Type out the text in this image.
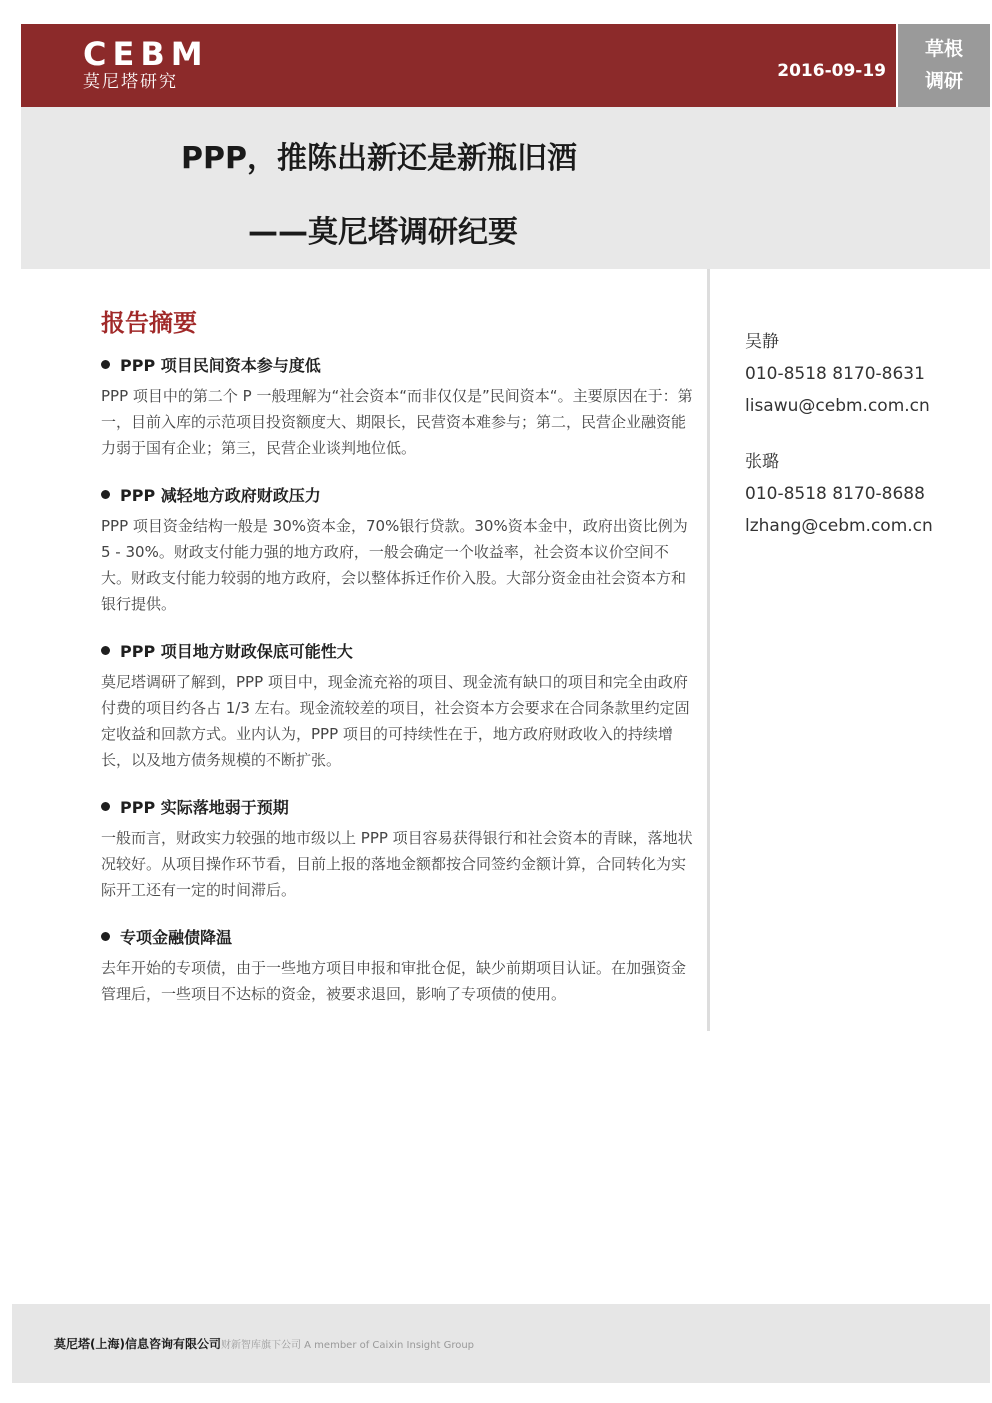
CEBM
莫尼塔研究
2016-09-19
草根
调研
PPP，推陈出新还是新瓶旧酒
——莫尼塔调研纪要
报告摘要
PPP 项目民间资本参与度低
PPP 项目中的第二个 P 一般理解为“社会资本“而非仅仅是”民间资本“。主要原因在于：第一，目前入库的示范项目投资额度大、期限长，民营资本难参与；第二，民营企业融资能力弱于国有企业；第三，民营企业谈判地位低。
PPP 减轻地方政府财政压力
PPP 项目资金结构一般是 30%资本金，70%银行贷款。30%资本金中，政府出资比例为 5 - 30%。财政支付能力强的地方政府，一般会确定一个收益率，社会资本议价空间不大。财政支付能力较弱的地方政府，会以整体拆迁作价入股。大部分资金由社会资本方和银行提供。
PPP 项目地方财政保底可能性大
莫尼塔调研了解到，PPP 项目中，现金流充裕的项目、现金流有缺口的项目和完全由政府付费的项目约各占 1/3 左右。现金流较差的项目，社会资本方会要求在合同条款里约定固定收益和回款方式。业内认为，PPP 项目的可持续性在于，地方政府财政收入的持续增长，以及地方债务规模的不断扩张。
PPP 实际落地弱于预期
一般而言，财政实力较强的地市级以上 PPP 项目容易获得银行和社会资本的青睐，落地状况较好。从项目操作环节看，目前上报的落地金额都按合同签约金额计算，合同转化为实际开工还有一定的时间滞后。
专项金融债降温
去年开始的专项债，由于一些地方项目申报和审批仓促，缺少前期项目认证。在加强资金管理后，一些项目不达标的资金，被要求退回，影响了专项债的使用。
吴静
010-8518 8170-8631
lisawu@cebm.com.cn
张璐
010-8518 8170-8688
lzhang@cebm.com.cn
莫尼塔(上海)信息咨询有限公司财新智库旗下公司 A member of Caixin Insight Group
